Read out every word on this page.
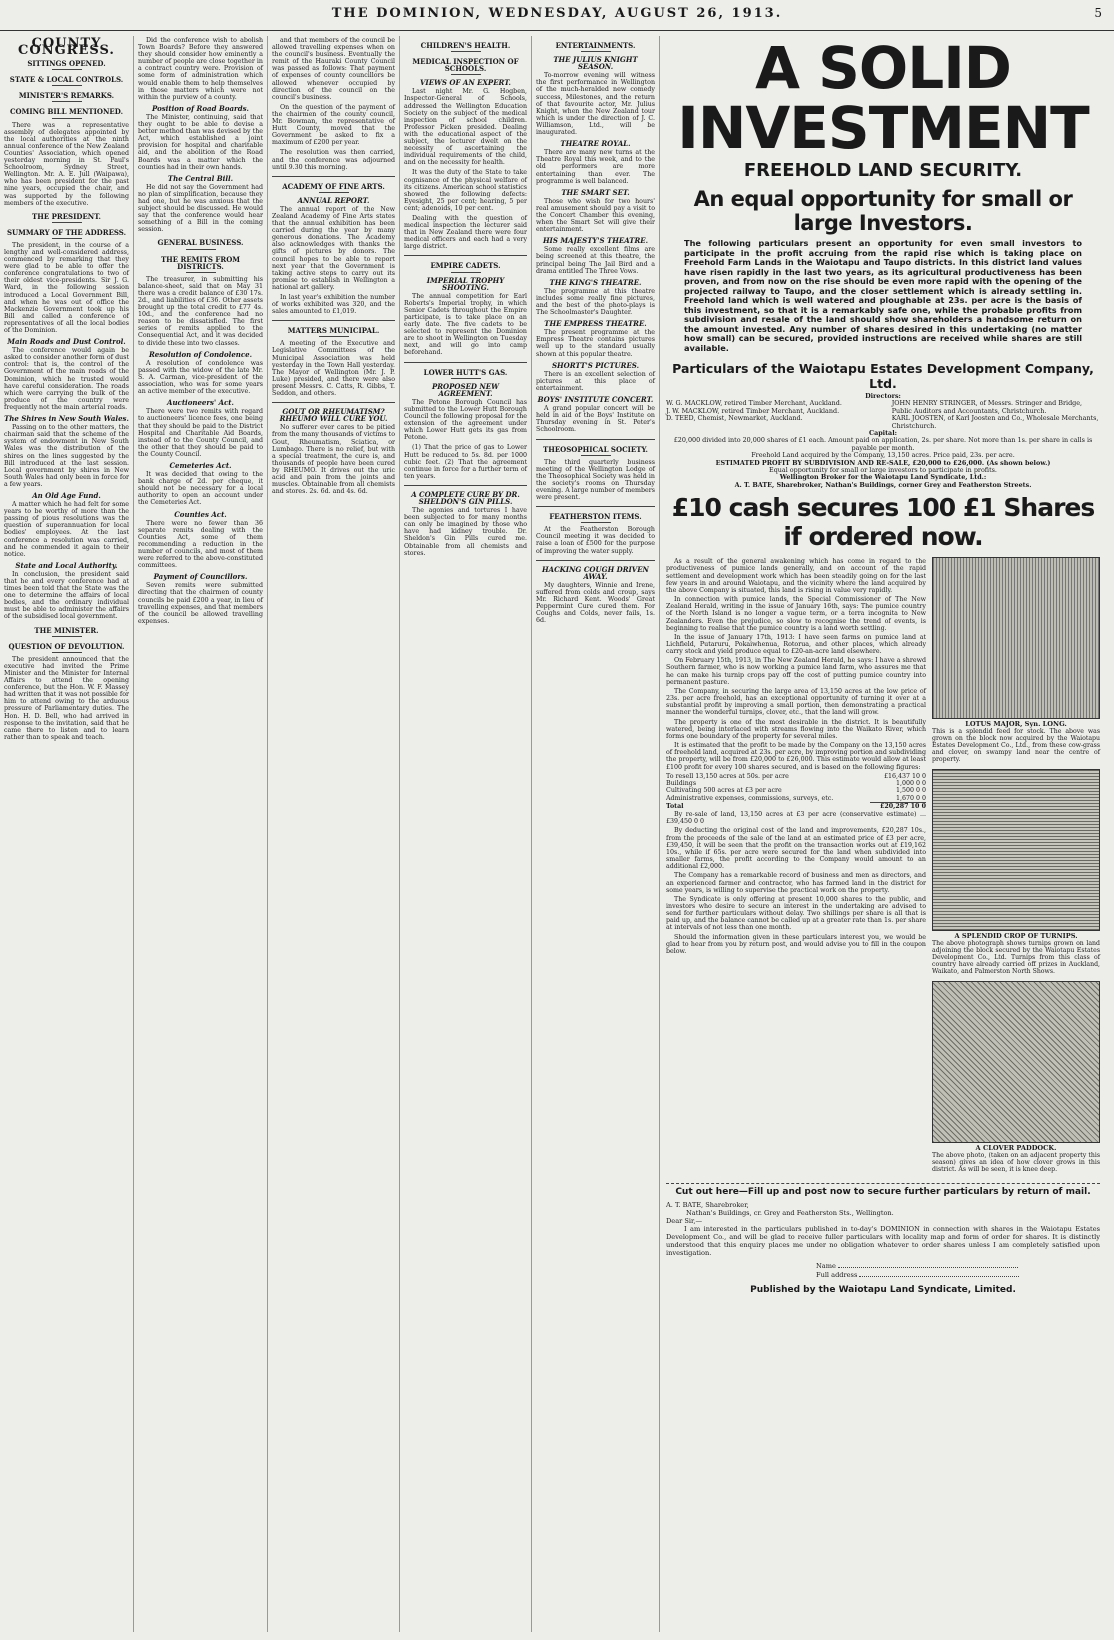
THE DOMINION, WEDNESDAY, AUGUST 26, 1913.	5
COUNTY CONGRESS.
SITTINGS OPENED.
STATE & LOCAL CONTROLS.
MINISTER'S REMARKS.
COMING BILL MENTIONED.

There was a representative assembly of delegates appointed by the local authorities at the ninth annual conference of the New Zealand Counties' Association, which opened yesterday morning in St. Paul's Schoolroom, Sydney Street, Wellington. Mr. A. E. Jull (Waipawa), who has been president for the past nine years, occupied the chair, and was supported by the following members of the executive.

THE PRESIDENT.
SUMMARY OF THE ADDRESS.

The president, in the course of a lengthy and well-considered address, commenced by remarking that they were glad to be able to offer the conference congratulations to two of their oldest vice-presidents. Sir J. G. Ward, in the following session introduced a Local Government Bill, and when he was out of office the Mackenzie Government took up his Bill and called a conference of representatives of all the local bodies of the Dominion.

Main Roads and Dust Control.

The conference would again be asked to consider another form of dust control: that is, the control of the Government of the main roads of the Dominion, which he trusted would have careful consideration. The roads which were carrying the bulk of the produce of the country were frequently not the main arterial roads.

The Shires in New South Wales.

Passing on to the other matters, the chairman said that the scheme of the system of endowment in New South Wales was the distribution of the shires on the lines suggested by the Bill introduced at the last session. Local government by shires in New South Wales had only been in force for a few years.

An Old Age Fund.

A matter which he had felt for some years to be worthy of more than the passing of pious resolutions was the question of superannuation for local bodies' employees. At the last conference a resolution was carried, and he commended it again to their notice.

State and Local Authority.

In conclusion, the president said that he and every conference had at times been told that the State was the one to determine the affairs of local bodies, and the ordinary individual must be able to administer the affairs of the subsidised local government.

THE MINISTER.
QUESTION OF DEVOLUTION.

The president announced that the executive had invited the Prime Minister and the Minister for Internal Affairs to attend the opening conference, but the Hon. W. F. Massey had written that it was not possible for him to attend owing to the arduous pressure of Parliamentary duties. The Hon. H. D. Bell, who had arrived in response to the invitation, said that he came there to listen and to learn rather than to speak and teach.

Did the conference wish to abolish Town Boards? Before they answered they should consider how eminently a number of people are close together in a contract country were. Provision of some form of administration which would enable them to help themselves in those matters which were not within the purview of a county.

Position of Road Boards.

The Minister, continuing, said that they ought to be able to devise a better method than was devised by the Act, which established a joint provision for hospital and charitable aid, and the abolition of the Road Boards was a matter which the counties had in their own hands.

The Central Bill.

He did not say the Government had no plan of simplification, because they had one, but he was anxious that the subject should be discussed. He would say that the conference would hear something of a Bill in the coming session.

GENERAL BUSINESS.
THE REMITS FROM DISTRICTS.

The treasurer, in submitting his balance-sheet, said that on May 31 there was a credit balance of £30 17s. 2d., and liabilities of £36. Other assets brought up the total credit to £77 4s. 10d., and the conference had no reason to be dissatisfied. The first series of remits applied to the Consequential Act, and it was decided to divide these into two classes.

Resolution of Condolence.

A resolution of condolence was passed with the widow of the late Mr. S. A. Carman, vice-president of the association, who was for some years an active member of the executive.

Auctioneers' Act.

There were two remits with regard to auctioneers' licence fees, one being that they should be paid to the District Hospital and Charitable Aid Boards, instead of to the County Council, and the other that they should be paid to the County Council.

Cemeteries Act.

It was decided that owing to the bank charge of 2d. per cheque, it should not be necessary for a local authority to open an account under the Cemeteries Act.

Counties Act.

There were no fewer than 36 separate remits dealing with the Counties Act, some of them recommending a reduction in the number of councils, and most of them were referred to the above-constituted committees.

Payment of Councillors.

Seven remits were submitted directing that the chairmen of county councils be paid £200 a year, in lieu of travelling expenses, and that members of the council be allowed travelling expenses.

and that members of the council be allowed travelling expenses when on the council's business. Eventually the remit of the Hauraki County Council was passed as follows: That payment of expenses of county councillors be allowed whenever occupied by direction of the council on the council's business.

On the question of the payment of the chairmen of the county council, Mr. Bowman, the representative of Hutt County, moved that the Government be asked to fix a maximum of £200 per year.

The resolution was then carried, and the conference was adjourned until 9.30 this morning.

ACADEMY OF FINE ARTS.
ANNUAL REPORT.

The annual report of the New Zealand Academy of Fine Arts states that the annual exhibition has been carried during the year by many generous donations. The Academy also acknowledges with thanks the gifts of pictures by donors. The council hopes to be able to report next year that the Government is taking active steps to carry out its promise to establish in Wellington a national art gallery.

In last year's exhibition the number of works exhibited was 320, and the sales amounted to £1,019.

MATTERS MUNICIPAL.

A meeting of the Executive and Legislative Committees of the Municipal Association was held yesterday in the Town Hall yesterday. The Mayor of Wellington (Mr. J. P. Luke) presided, and there were also present Messrs. C. Catts, R. Gibbs, T. Seddon, and others.

GOUT OR RHEUMATISM? RHEUMO WILL CURE YOU.

No sufferer ever cares to be pitied from the many thousands of victims to Gout, Rheumatism, Sciatica, or Lumbago. There is no relief, but with a special treatment, the cure is, and thousands of people have been cured by RHEUMO. It drives out the uric acid and pain from the joints and muscles. Obtainable from all chemists and stores. 2s. 6d. and 4s. 6d.

CHILDREN'S HEALTH.
MEDICAL INSPECTION OF SCHOOLS.
VIEWS OF AN EXPERT.

Last night Mr. G. Hogben, Inspector-General of Schools, addressed the Wellington Education Society on the subject of the medical inspection of school children. Professor Picken presided. Dealing with the educational aspect of the subject, the lecturer dwelt on the necessity of ascertaining the individual requirements of the child, and on the necessity for health.

It was the duty of the State to take cognisance of the physical welfare of its citizens. American school statistics showed the following defects: Eyesight, 25 per cent; hearing, 5 per cent; adenoids, 10 per cent.

Dealing with the question of medical inspection the lecturer said that in New Zealand there were four medical officers and each had a very large district.

EMPIRE CADETS.
IMPERIAL TROPHY SHOOTING.

The annual competition for Earl Roberts's Imperial trophy, in which Senior Cadets throughout the Empire participate, is to take place on an early date. The five cadets to be selected to represent the Dominion are to shoot in Wellington on Tuesday next, and will go into camp beforehand.

LOWER HUTT'S GAS.
PROPOSED NEW AGREEMENT.

The Petone Borough Council has submitted to the Lower Hutt Borough Council the following proposal for the extension of the agreement under which Lower Hutt gets its gas from Petone.

(1) That the price of gas to Lower Hutt be reduced to 5s. 8d. per 1000 cubic feet. (2) That the agreement continue in force for a further term of ten years.

A COMPLETE CURE BY DR. SHELDON'S GIN PILLS.

The agonies and tortures I have been subjected to for many months can only be imagined by those who have had kidney trouble. Dr. Sheldon's Gin Pills cured me. Obtainable from all chemists and stores.

ENTERTAINMENTS.
THE JULIUS KNIGHT SEASON.

To-morrow evening will witness the first performance in Wellington of the much-heralded new comedy success, Milestones, and the return of that favourite actor, Mr. Julius Knight, when the New Zealand tour which is under the direction of J. C. Williamson, Ltd., will be inaugurated.

THEATRE ROYAL.

There are many new turns at the Theatre Royal this week, and to the old performers are more entertaining than ever. The programme is well balanced.

THE SMART SET.

Those who wish for two hours' real amusement should pay a visit to the Concert Chamber this evening, when the Smart Set will give their entertainment.

HIS MAJESTY'S THEATRE.

Some really excellent films are being screened at this theatre, the principal being The Jail Bird and a drama entitled The Three Vows.

THE KING'S THEATRE.

The programme at this theatre includes some really fine pictures, and the best of the photo-plays is The Schoolmaster's Daughter.

THE EMPRESS THEATRE.

The present programme at the Empress Theatre contains pictures well up to the standard usually shown at this popular theatre.

SHORTT'S PICTURES.

There is an excellent selection of pictures at this place of entertainment.

BOYS' INSTITUTE CONCERT.

A grand popular concert will be held in aid of the Boys' Institute on Thursday evening in St. Peter's Schoolroom.

THEOSOPHICAL SOCIETY.

The third quarterly business meeting of the Wellington Lodge of the Theosophical Society was held in the society's rooms on Thursday evening. A large number of members were present.

FEATHERSTON ITEMS.

At the Featherston Borough Council meeting it was decided to raise a loan of £500 for the purpose of improving the water supply.

HACKING COUGH DRIVEN AWAY.

My daughters, Winnie and Irene, suffered from colds and croup, says Mr. Richard Kent. Woods' Great Peppermint Cure cured them. For Coughs and Colds, never fails, 1s. 6d.

A SOLID INVESTMENT
FREEHOLD LAND SECURITY.
An equal opportunity for small or large Investors.
The following particulars present an opportunity for even small investors to participate in the profit accruing from the rapid rise which is taking place on Freehold Farm Lands in the Waiotapu and Taupo districts. In this district land values have risen rapidly in the last two years, as its agricultural productiveness has been proven, and from now on the rise should be even more rapid with the opening of the projected railway to Taupo, and the closer settlement which is already settling in. Freehold land which is well watered and ploughable at 23s. per acre is the basis of this investment, so that it is a remarkably safe one, while the probable profits from subdivision and resale of the land should show shareholders a handsome return on the amount invested. Any number of shares desired in this undertaking (no matter how small) can be secured, provided instructions are received while shares are still available.
Particulars of the Waiotapu Estates Development Company, Ltd.
Directors:
W. G. MACKLOW, retired Timber Merchant, Auckland.
J. W. MACKLOW, retired Timber Merchant, Auckland.
D. TEED, Chemist, Newmarket, Auckland.
JOHN HENRY STRINGER, of Messrs. Stringer and Bridge, Public Auditors and Accountants, Christchurch.
KARL JOOSTEN, of Karl Joosten and Co., Wholesale Merchants, Christchurch.
Capital:
£20,000 divided into 20,000 shares of £1 each. Amount paid on application, 2s. per share. Not more than 1s. per share in calls is payable per month.
Freehold Land acquired by the Company, 13,150 acres. Price paid, 23s. per acre.
ESTIMATED PROFIT BY SUBDIVISION AND RE-SALE, £20,000 to £26,000. (As shown below.)
Equal opportunity for small or large investors to participate in profits.
Wellington Broker for the Waiotapu Land Syndicate, Ltd.:
A. T. BATE, Sharebroker, Nathan's Buildings, corner Grey and Featherston Streets.
£10 cash secures 100 £1 Shares if ordered now.

As a result of the general awakening which has come in regard to the productiveness of pumice lands generally, and on account of the rapid settlement and development work which has been steadily going on for the last few years in and around Waiotapu, and the vicinity where the land acquired by the above Company is situated, this land is rising in value very rapidly.

In connection with pumice lands, the Special Commissioner of The New Zealand Herald, writing in the issue of January 16th, says: The pumice country of the North Island is no longer a vague term, or a terra incognita to New Zealanders. Even the prejudice, so slow to recognise the trend of events, is beginning to realise that the pumice country is a land worth settling.

In the issue of January 17th, 1913: I have seen farms on pumice land at Lichfield, Putaruru, Pokaiwhenua, Rotorua, and other places, which already carry stock and yield produce equal to £20-an-acre land elsewhere.

On February 15th, 1913, in The New Zealand Herald, he says: I have a shrewd Southern farmer, who is now working a pumice land farm, who assures me that he can make his turnip crops pay off the cost of putting pumice country into permanent pasture.

The Company, in securing the large area of 13,150 acres at the low price of 23s. per acre freehold, has an exceptional opportunity of turning it over at a substantial profit by improving a small portion, then demonstrating a practical manner the wonderful turnips, clover, etc., that the land will grow.

The property is one of the most desirable in the district. It is beautifully watered, being interlaced with streams flowing into the Waikato River, which forms one boundary of the property for several miles.

It is estimated that the profit to be made by the Company on the 13,150 acres of freehold land, acquired at 23s. per acre, by improving portion and subdividing the property, will be from £20,000 to £26,000. This estimate would allow at least £100 profit for every 100 shares secured, and is based on the following figures:

To resell 13,150 acres at 50s. per acre	£16,437 10 0
Buildings	1,000 0 0
Cultivating 500 acres at £3 per acre	1,500 0 0
Administrative expenses, commissions, surveys, etc.	1,670 0 0
Total	£20,287 10 0

By re-sale of land, 13,150 acres at £3 per acre (conservative estimate) ... £39,450 0 0

By deducting the original cost of the land and improvements, £20,287 10s., from the proceeds of the sale of the land at an estimated price of £3 per acre, £39,450, it will be seen that the profit on the transaction works out at £19,162 10s., while if 65s. per acre were secured for the land when subdivided into smaller farms, the profit according to the Company would amount to an additional £2,000.

The Company has a remarkable record of business and men as directors, and an experienced farmer and contractor, who has farmed land in the district for some years, is willing to supervise the practical work on the property.

The Syndicate is only offering at present 10,000 shares to the public, and investors who desire to secure an interest in the undertaking are advised to send for further particulars without delay. Two shillings per share is all that is paid up, and the balance cannot be called up at a greater rate than 1s. per share at intervals of not less than one month.

Should the information given in these particulars interest you, we would be glad to hear from you by return post, and would advise you to fill in the coupon below.

LOTUS MAJOR, Syn. LONG.
This is a splendid feed for stock. The above was grown on the block now acquired by the Waiotapu Estates Development Co., Ltd., from these cow-grass and clover, on swampy land near the centre of property.
A SPLENDID CROP OF TURNIPS.
The above photograph shows turnips grown on land adjoining the block secured by the Waiotapu Estates Development Co., Ltd. Turnips from this class of country have already carried off prizes in Auckland, Waikato, and Palmerston North Shows.
A CLOVER PADDOCK.
The above photo, (taken on an adjacent property this season) gives an idea of how clover grows in this district. As will be seen, it is knee deep.
Cut out here—Fill up and post now to secure further particulars by return of mail.
A. T. BATE, Sharebroker,
Nathan's Buildings, cr. Grey and Featherston Sts., Wellington.
Dear Sir,—
I am interested in the particulars published in to-day's DOMINION in connection with shares in the Waiotapu Estates Development Co., and will be glad to receive fuller particulars with locality map and form of order for shares. It is distinctly understood that this enquiry places me under no obligation whatever to order shares unless I am completely satisfied upon investigation.
Name
Full address
Published by the Waiotapu Land Syndicate, Limited.
